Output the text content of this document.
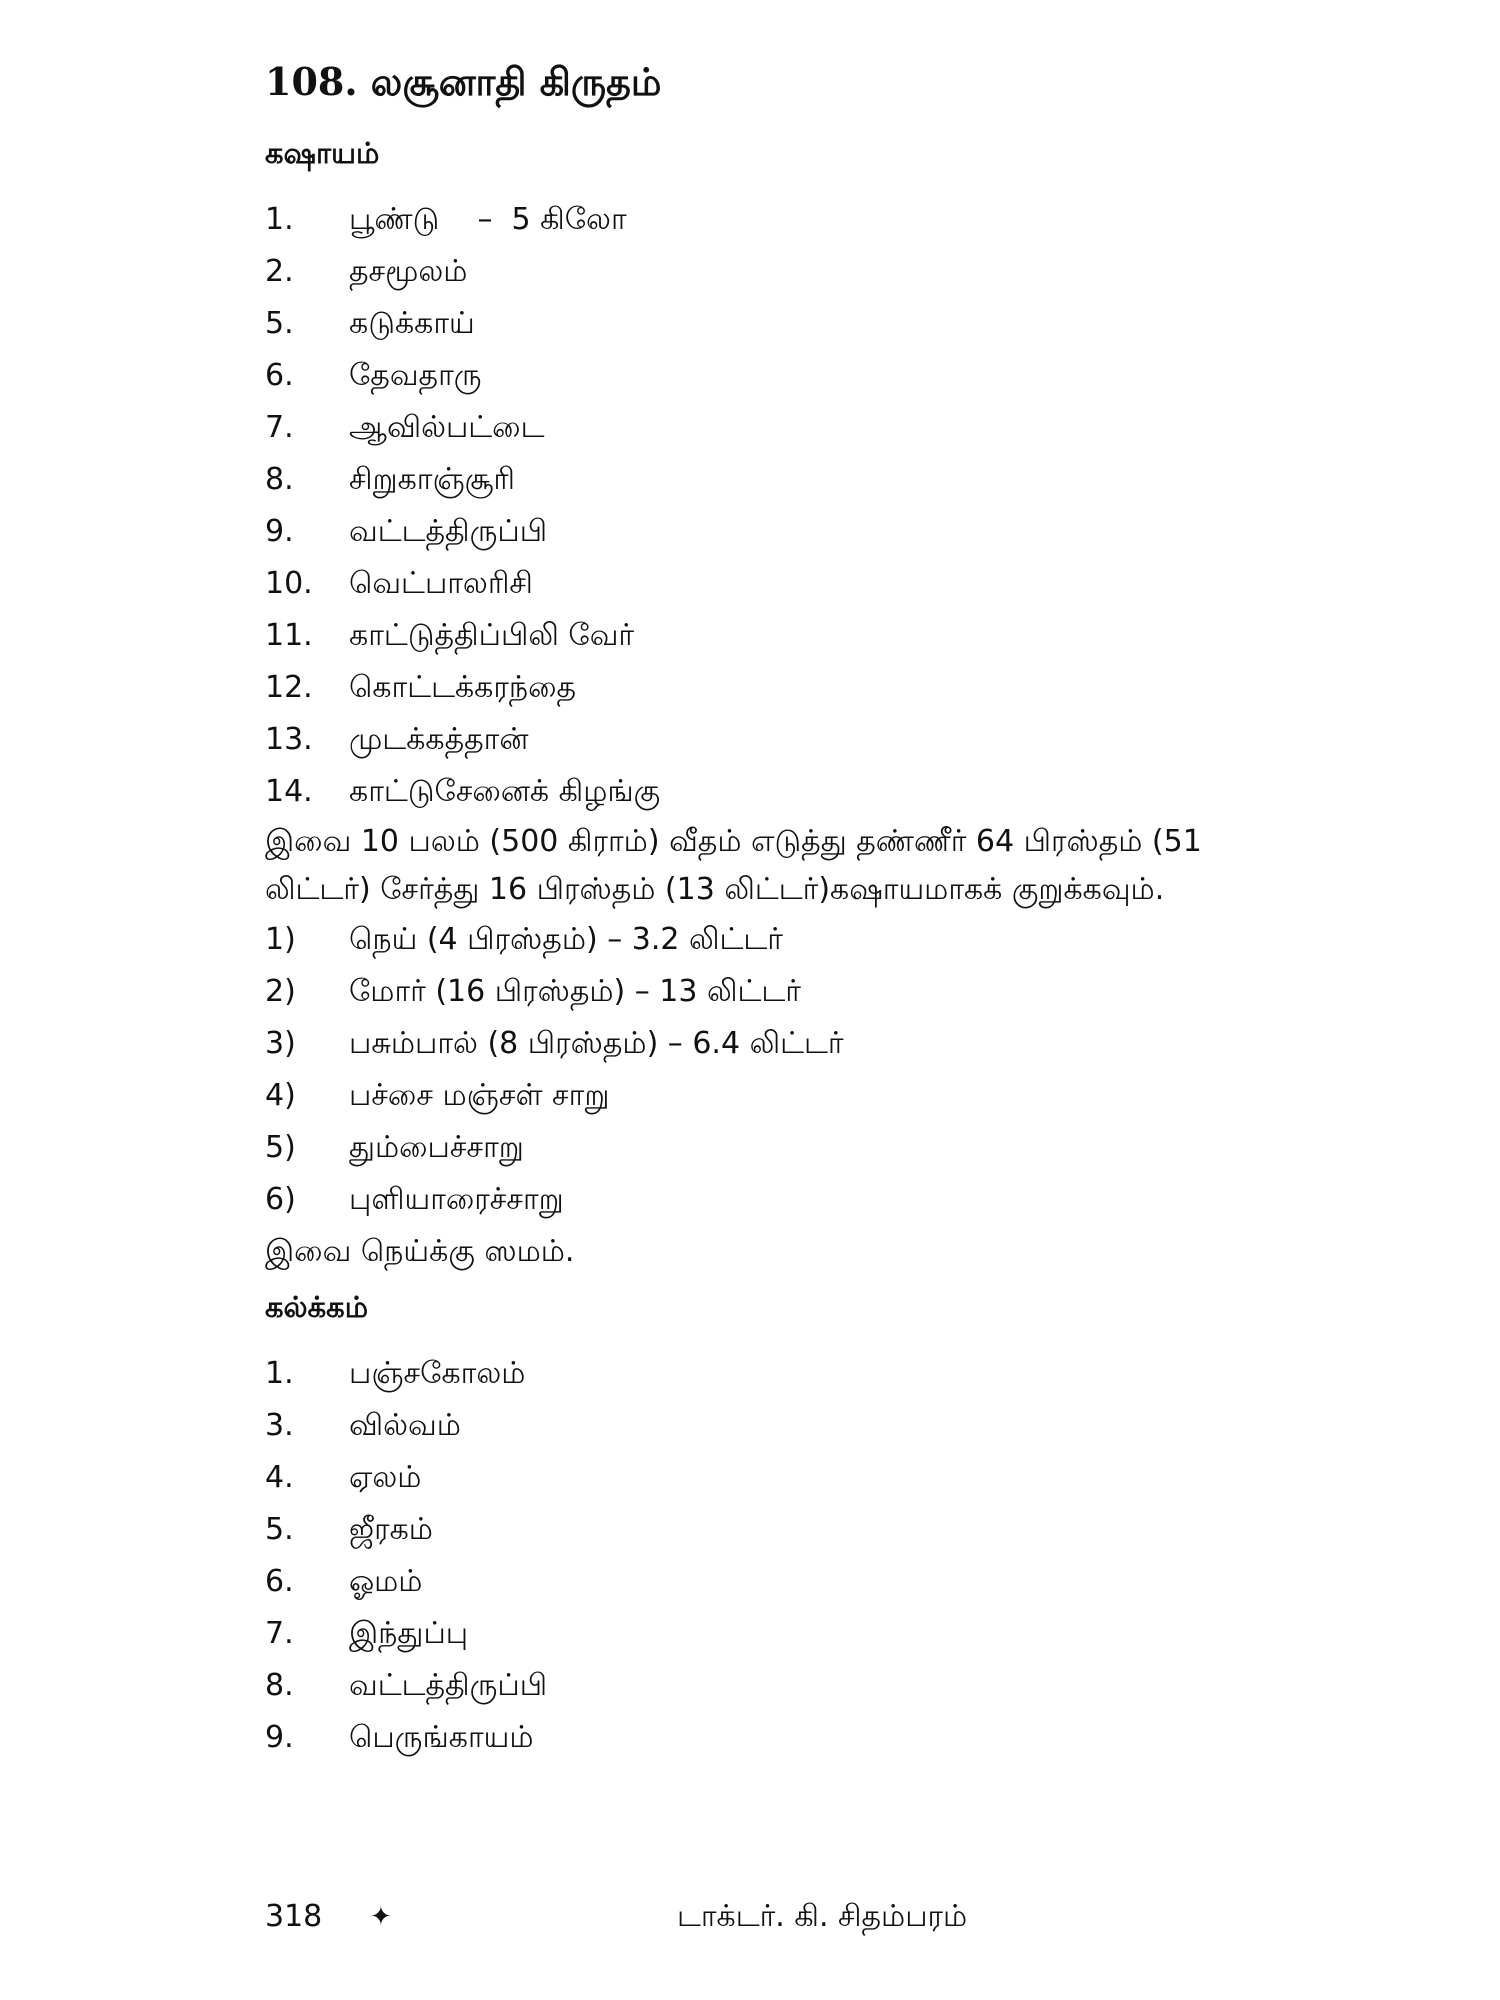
108. லசூனாதி கிருதம்
கஷாயம்
1.	பூண்டு    –  5 கிலோ
2.	தசமூலம்
5.	கடுக்காய்
6.	தேவதாரு
7.	ஆவில்பட்டை
8.	சிறுகாஞ்சூரி
9.	வட்டத்திருப்பி
10.	வெட்பாலரிசி
11.	காட்டுத்திப்பிலி வேர்
12.	கொட்டக்கரந்தை
13.	முடக்கத்தான்
14.	காட்டுசேனைக் கிழங்கு

இவை 10 பலம் (500 கிராம்) வீதம் எடுத்து தண்ணீர் 64 பிரஸ்தம் (51 லிட்டர்) சேர்த்து 16 பிரஸ்தம் (13 லிட்டர்)கஷாயமாகக் குறுக்கவும்.

1)	நெய் (4 பிரஸ்தம்) – 3.2 லிட்டர்
2)	மோர் (16 பிரஸ்தம்) – 13 லிட்டர்
3)	பசும்பால் (8 பிரஸ்தம்) – 6.4 லிட்டர்
4)	பச்சை மஞ்சள் சாறு
5)	தும்பைச்சாறு
6)	புளியாரைச்சாறு

இவை நெய்க்கு ஸமம்.

கல்க்கம்
1.	பஞ்சகோலம்
3.	வில்வம்
4.	ஏலம்
5.	ஜீரகம்
6.	ஓமம்
7.	இந்துப்பு
8.	வட்டத்திருப்பி
9.	பெருங்காயம்
318 ✦	டாக்டர். கி. சிதம்பரம்
